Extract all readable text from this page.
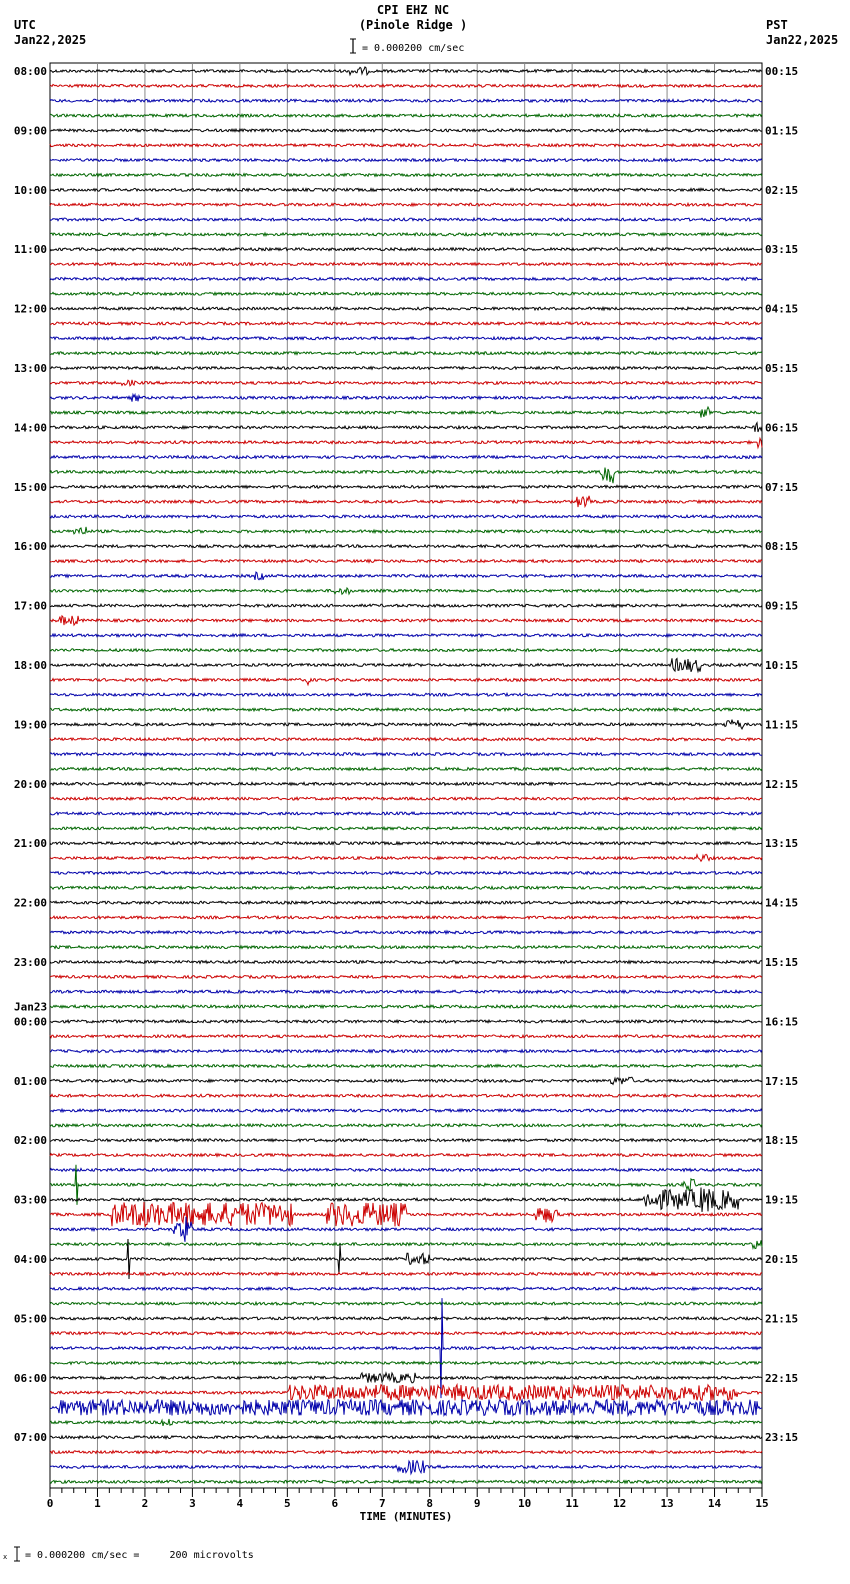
CPI EHZ NC
(Pinole Ridge )
UTC
Jan22,2025
PST
Jan22,2025
= 0.000200 cm/sec
08:00
09:00
10:00
11:00
12:00
13:00
14:00
15:00
16:00
17:00
18:00
19:00
20:00
21:00
22:00
23:00
00:00
Jan23
01:00
02:00
03:00
04:00
05:00
06:00
07:00
00:15
01:15
02:15
03:15
04:15
05:15
06:15
07:15
08:15
09:15
10:15
11:15
12:15
13:15
14:15
15:15
16:15
17:15
18:15
19:15
20:15
21:15
22:15
23:15
0	1	2	3	4	5	6	7	8	9	10	11	12	13	14	15
TIME (MINUTES)
x = 0.000200 cm/sec =     200 microvolts
